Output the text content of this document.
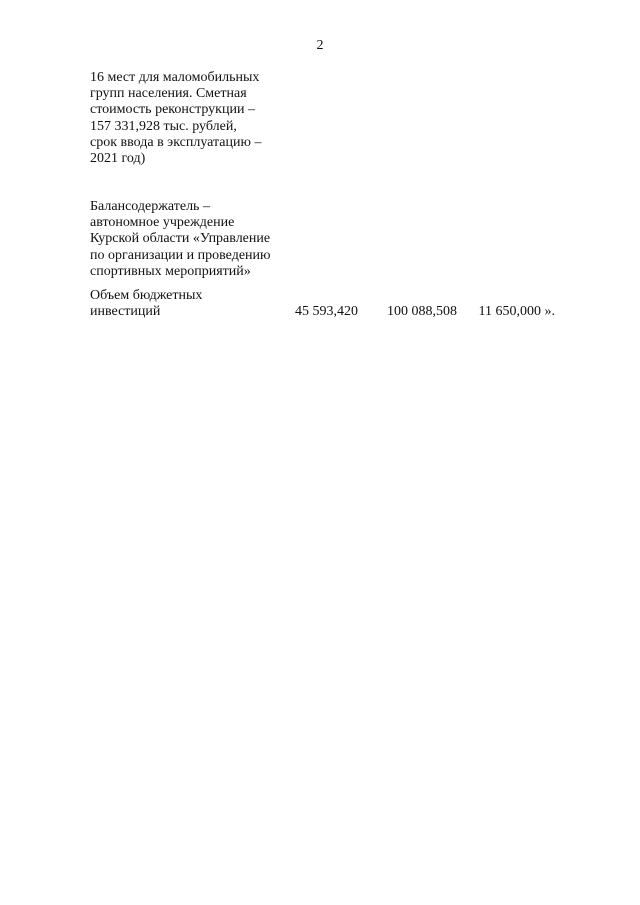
2
16 мест для маломобильных
групп населения. Сметная
стоимость реконструкции –
157 331,928 тыс. рублей,
срок ввода в эксплуатацию –
2021 год)
Балансодержатель –
автономное учреждение
Курской области «Управление
по организации и проведению
спортивных мероприятий»
Объем бюджетных
инвестиций	45 593,420	100 088,508	11 650,000 ».
